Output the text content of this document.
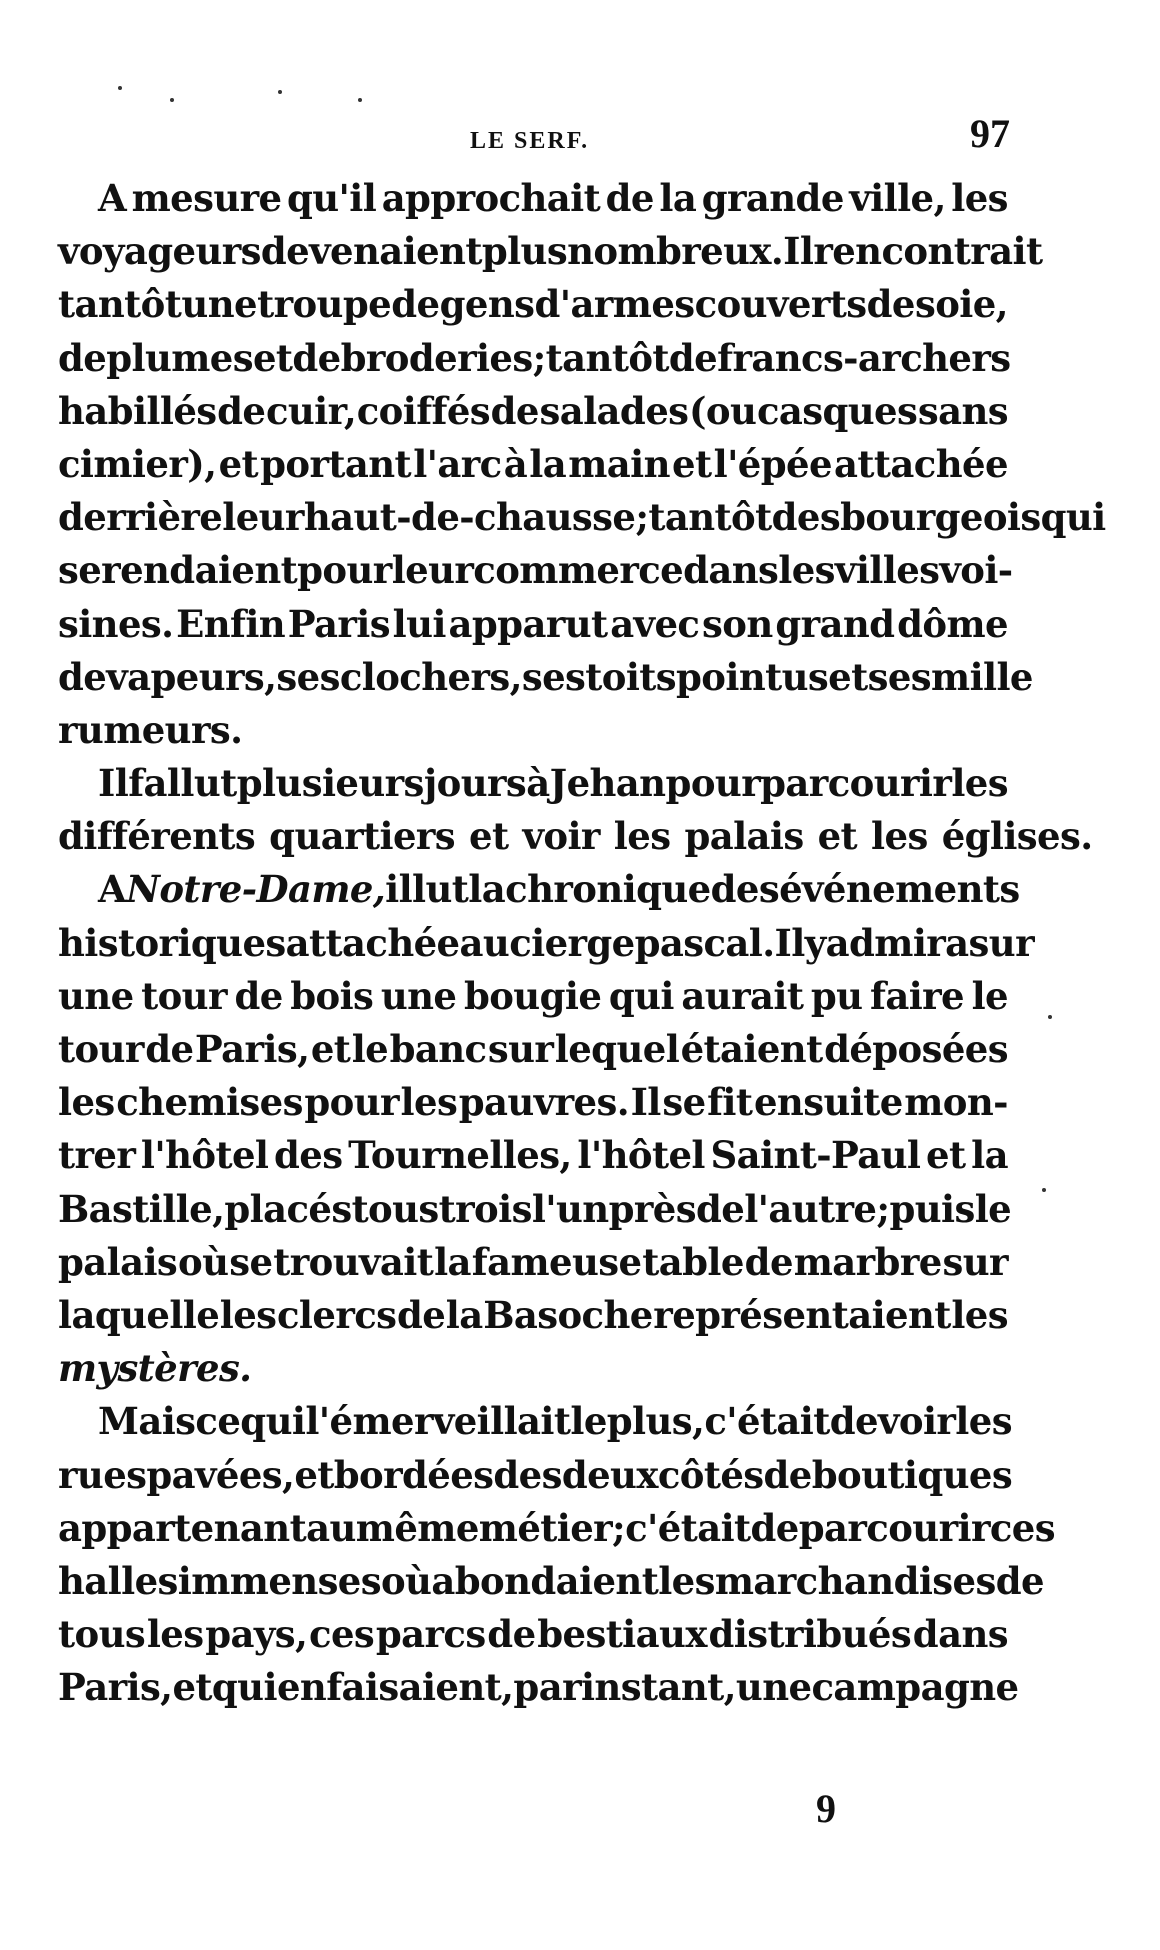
LE SERF.	97
A mesure qu'il approchait de la grande ville, les
voyageurs devenaient plus nombreux. Il rencontrait
tantôt une troupe de gens d'armes couverts de soie,
de plumes et de broderies; tantôt de francs-archers
habillés de cuir, coiffés de salades (ou casques sans
cimier), et portant l'arc à la main et l'épée attachée
derrière leur haut-de-chausse; tantôt des bourgeois qui
se rendaient pour leur commerce dans les villes voi-
sines. Enfin Paris lui apparut avec son grand dôme
de vapeurs, ses clochers, ses toits pointus et ses mille
rumeurs.
Il fallut plusieurs jours à Jehan pour parcourir les
différents quartiers et voir les palais et les églises.
A Notre-Dame, il lut la chronique des événements
historiques attachée au cierge pascal. Il y admira sur
une tour de bois une bougie qui aurait pu faire le
tour de Paris, et le banc sur lequel étaient déposées
les chemises pour les pauvres. Il se fit ensuite mon-
trer l'hôtel des Tournelles, l'hôtel Saint-Paul et la
Bastille, placés tous trois l'un près de l'autre; puis le
palais où se trouvait la fameuse table de marbre sur
laquelle les clercs de la Basoche représentaient les
mystères.
Mais ce qui l'émerveillait le plus, c'était de voir les
rues pavées, et bordées des deux côtés de boutiques
appartenant au même métier; c'était de parcourir ces
halles immenses où abondaient les marchandises de
tous les pays, ces parcs de bestiaux distribués dans
Paris, et qui en faisaient, par instant, une campagne
9
